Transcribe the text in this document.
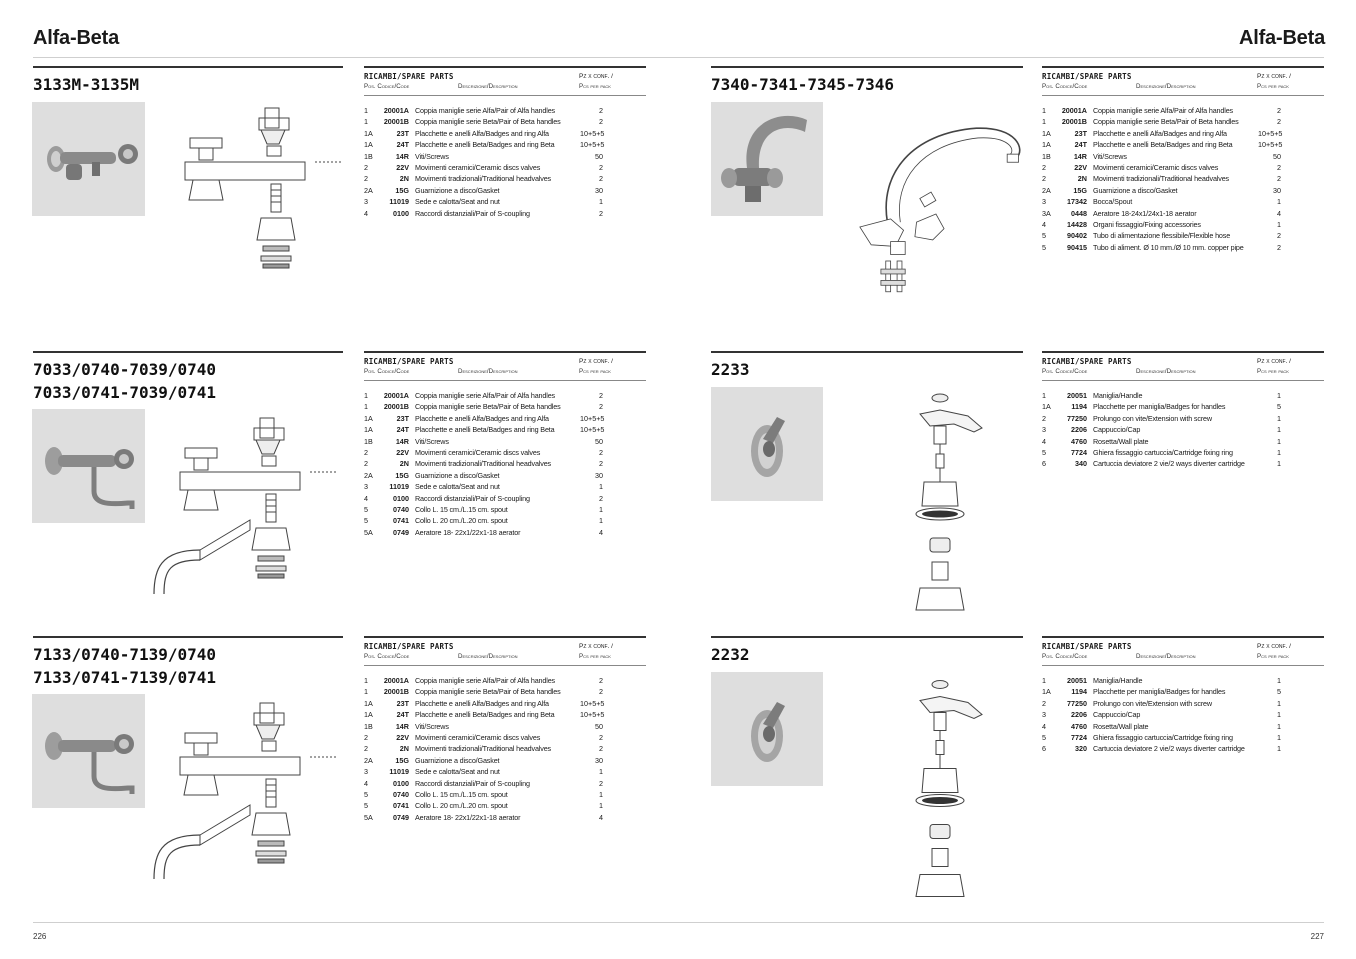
Alfa-Beta	Alfa-Beta
3133M-3135M	RICAMBI/SPARE PARTS	Pz x conf. /
Pos. Codice/Code	Descrizione/Description	Pcs per pack
1	20001A Coppia maniglie serie Alfa/Pair of Alfa handles	2
1	20001B Coppia maniglie serie Beta/Pair of Beta handles	2
1A	23T Placchette e anelli Alfa/Badges and ring Alfa	10+5+5
1A	24T Placchette e anelli Beta/Badges and ring Beta	10+5+5
1B	14R Viti/Screws	50
2	22V Movimenti ceramici/Ceramic discs valves	2
2	2N Movimenti tradizionali/Traditional headvalves	2
2A	15G Guarnizione a disco/Gasket	30
3	11019 Sede e calotta/Seat and nut	1
4	0100 Raccordi distanziali/Pair of S-coupling	2
7340-7341-7345-7346	RICAMBI/SPARE PARTS	Pz x conf. /
Pos. Codice/Code	Descrizione/Description	Pcs per pack
1	20001A Coppia maniglie serie Alfa/Pair of Alfa handles	2
1	20001B Coppia maniglie serie Beta/Pair of Beta handles	2
1A	23T Placchette e anelli Alfa/Badges and ring Alfa	10+5+5
1A	24T Placchette e anelli Beta/Badges and ring Beta	10+5+5
1B	14R Viti/Screws	50
2	22V Movimenti ceramici/Ceramic discs valves	2
2	2N Movimenti tradizionali/Traditional headvalves	2
2A	15G Guarnizione a disco/Gasket	30
3	17342 Bocca/Spout	1
3A	0448 Aeratore 18-24x1/24x1-18 aerator	4
4	14428 Organi fissaggio/Fixing accessories	1
5	90402 Tubo di alimentazione flessibile/Flexible hose	2
5	90415 Tubo di aliment. Ø 10 mm./Ø 10 mm. copper pipe	2
7033/0740-7039/0740
7033/0741-7039/0741
RICAMBI/SPARE PARTS	Pz x conf. /
Pos. Codice/Code	Descrizione/Description	Pcs per pack
1	20001A Coppia maniglie serie Alfa/Pair of Alfa handles	2
1	20001B Coppia maniglie serie Beta/Pair of Beta handles	2
1A	23T Placchette e anelli Alfa/Badges and ring Alfa	10+5+5
1A	24T Placchette e anelli Beta/Badges and ring Beta	10+5+5
1B	14R Viti/Screws	50
2	22V Movimenti ceramici/Ceramic discs valves	2
2	2N Movimenti tradizionali/Traditional headvalves	2
2A	15G Guarnizione a disco/Gasket	30
3	11019 Sede e calotta/Seat and nut	1
4	0100 Raccordi distanziali/Pair of S-coupling	2
5	0740 Collo L. 15 cm./L.15 cm. spout	1
5	0741 Collo L. 20 cm./L.20 cm. spout	1
5A	0749 Aeratore 18- 22x1/22x1-18 aerator	4
2233	RICAMBI/SPARE PARTS	Pz x conf. /
Pos. Codice/Code	Descrizione/Description	Pcs per pack
1	20051 Maniglia/Handle	1
1A	1194 Placchette per maniglia/Badges for handles	5
2	77250 Prolungo con vite/Extension with screw	1
3	2206 Cappuccio/Cap	1
4	4760 Rosetta/Wall plate	1
5	7724 Ghiera fissaggio cartuccia/Cartridge fixing ring	1
6	340 Cartuccia deviatore 2 vie/2 ways diverter cartridge	1
7133/0740-7139/0740
7133/0741-7139/0741
RICAMBI/SPARE PARTS	Pz x conf. /
Pos. Codice/Code	Descrizione/Description	Pcs per pack
1	20001A Coppia maniglie serie Alfa/Pair of Alfa handles	2
1	20001B Coppia maniglie serie Beta/Pair of Beta handles	2
1A	23T Placchette e anelli Alfa/Badges and ring Alfa	10+5+5
1A	24T Placchette e anelli Beta/Badges and ring Beta	10+5+5
1B	14R Viti/Screws	50
2	22V Movimenti ceramici/Ceramic discs valves	2
2	2N Movimenti tradizionali/Traditional headvalves	2
2A	15G Guarnizione a disco/Gasket	30
3	11019 Sede e calotta/Seat and nut	1
4	0100 Raccordi distanziali/Pair of S-coupling	2
5	0740 Collo L. 15 cm./L.15 cm. spout	1
5	0741 Collo L. 20 cm./L.20 cm. spout	1
5A	0749 Aeratore 18- 22x1/22x1-18 aerator	4
2232	RICAMBI/SPARE PARTS	Pz x conf. /
Pos. Codice/Code	Descrizione/Description	Pcs per pack
1	20051 Maniglia/Handle	1
1A	1194 Placchette per maniglia/Badges for handles	5
2	77250 Prolungo con vite/Extension with screw	1
3	2206 Cappuccio/Cap	1
4	4760 Rosetta/Wall plate	1
5	7724 Ghiera fissaggio cartuccia/Cartridge fixing ring	1
6	320 Cartuccia deviatore 2 vie/2 ways diverter cartridge	1
226	227
